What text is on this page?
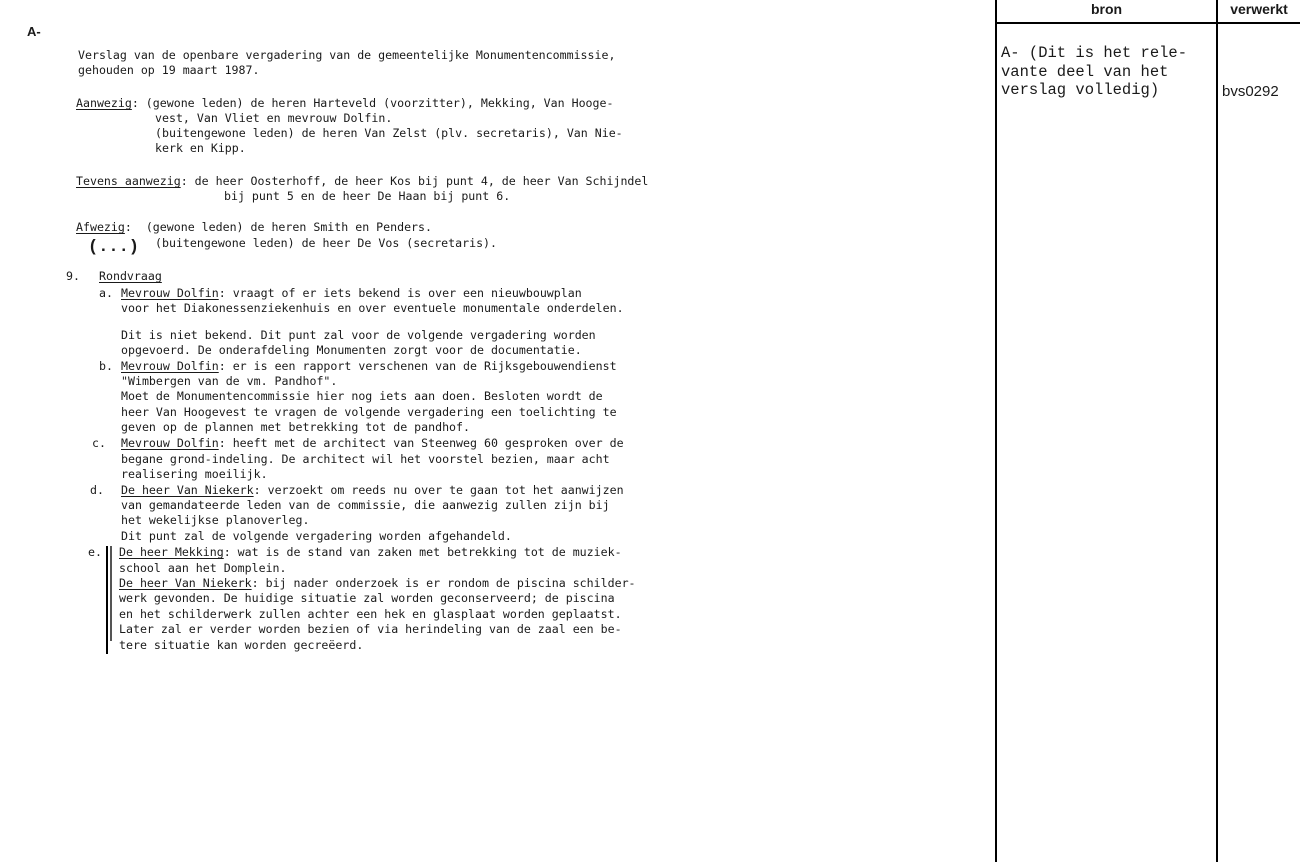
A-
Verslag van de openbare vergadering van de gemeentelijke Monumentencommissie,
gehouden op 19 maart 1987.
Aanwezig: (gewone leden) de heren Harteveld (voorzitter), Mekking, Van Hooge-
vest, Van Vliet en mevrouw Dolfin.
(buitengewone leden) de heren Van Zelst (plv. secretaris), Van Nie-
kerk en Kipp.
Tevens aanwezig: de heer Oosterhoff, de heer Kos bij punt 4, de heer Van Schijndel
bij punt 5 en de heer De Haan bij punt 6.
Afwezig:  (gewone leden) de heren Smith en Penders.
(buitengewone leden) de heer De Vos (secretaris).
(...)
9. Rondvraag
a. Mevrouw Dolfin: vraagt of er iets bekend is over een nieuwbouwplan
voor het Diakonessenziekenhuis en over eventuele monumentale onderdelen.
Dit is niet bekend. Dit punt zal voor de volgende vergadering worden
opgevoerd. De onderafdeling Monumenten zorgt voor de documentatie.
b. Mevrouw Dolfin: er is een rapport verschenen van de Rijksgebouwendienst
"Wimbergen van de vm. Pandhof".
Moet de Monumentencommissie hier nog iets aan doen. Besloten wordt de
heer Van Hoogevest te vragen de volgende vergadering een toelichting te
geven op de plannen met betrekking tot de pandhof.
c. Mevrouw Dolfin: heeft met de architect van Steenweg 60 gesproken over de
begane grond-indeling. De architect wil het voorstel bezien, maar acht
realisering moeilijk.
d. De heer Van Niekerk: verzoekt om reeds nu over te gaan tot het aanwijzen
van gemandateerde leden van de commissie, die aanwezig zullen zijn bij
het wekelijkse planoverleg.
Dit punt zal de volgende vergadering worden afgehandeld.
e. De heer Mekking: wat is de stand van zaken met betrekking tot de muziek-
school aan het Domplein.
De heer Van Niekerk: bij nader onderzoek is er rondom de piscina schilder-
werk gevonden. De huidige situatie zal worden geconserveerd; de piscina
en het schilderwerk zullen achter een hek en glasplaat worden geplaatst.
Later zal er verder worden bezien of via herindeling van de zaal een be-
tere situatie kan worden gecreëerd.
bron	verwerkt
A- (Dit is het rele-
vante deel van het
verslag volledig)	bvs0292
